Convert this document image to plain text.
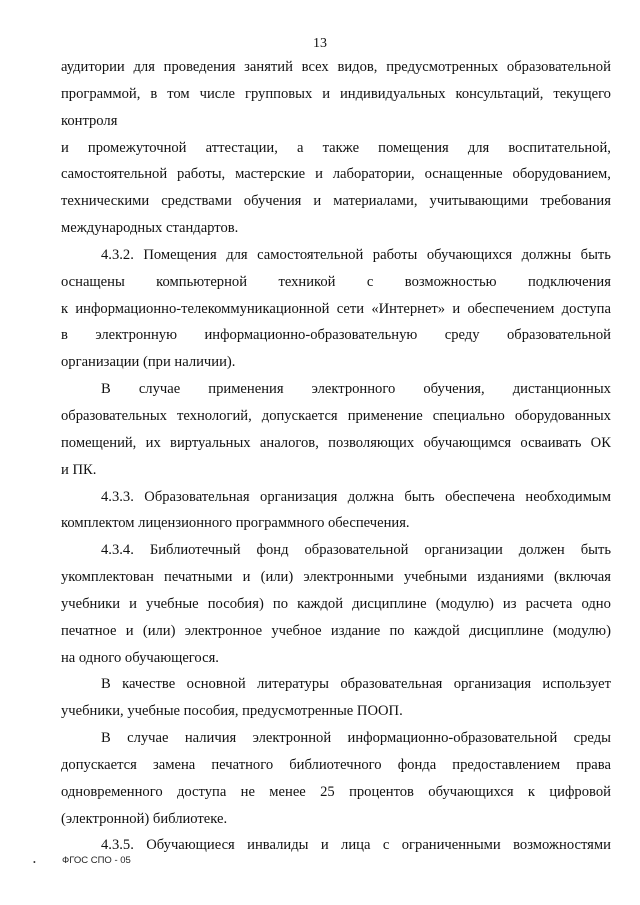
13
аудитории для проведения занятий всех видов, предусмотренных образовательной
программой, в том числе групповых и индивидуальных консультаций, текущего
контроля
и промежуточной аттестации, а также помещения для воспитательной,
самостоятельной работы, мастерские и лаборатории, оснащенные оборудованием,
техническими средствами обучения и материалами, учитывающими требования
международных стандартов.
4.3.2. Помещения для самостоятельной работы обучающихся должны быть
оснащены компьютерной техникой с возможностью подключения
к информационно-телекоммуникационной сети «Интернет» и обеспечением доступа
в электронную информационно-образовательную среду образовательной
организации (при наличии).
В случае применения электронного обучения, дистанционных
образовательных технологий, допускается применение специально оборудованных
помещений, их виртуальных аналогов, позволяющих обучающимся осваивать ОК
и ПК.
4.3.3. Образовательная организация должна быть обеспечена необходимым
комплектом лицензионного программного обеспечения.
4.3.4. Библиотечный фонд образовательной организации должен быть
укомплектован печатными и (или) электронными учебными изданиями (включая
учебники и учебные пособия) по каждой дисциплине (модулю) из расчета одно
печатное и (или) электронное учебное издание по каждой дисциплине (модулю)
на одного обучающегося.
В качестве основной литературы образовательная организация использует
учебники, учебные пособия, предусмотренные ПООП.
В случае наличия электронной информационно-образовательной среды
допускается замена печатного библиотечного фонда предоставлением права
одновременного доступа не менее 25 процентов обучающихся к цифровой
(электронной) библиотеке.
4.3.5. Обучающиеся инвалиды и лица с ограниченными возможностями
•	ФГОС СПО - 05
